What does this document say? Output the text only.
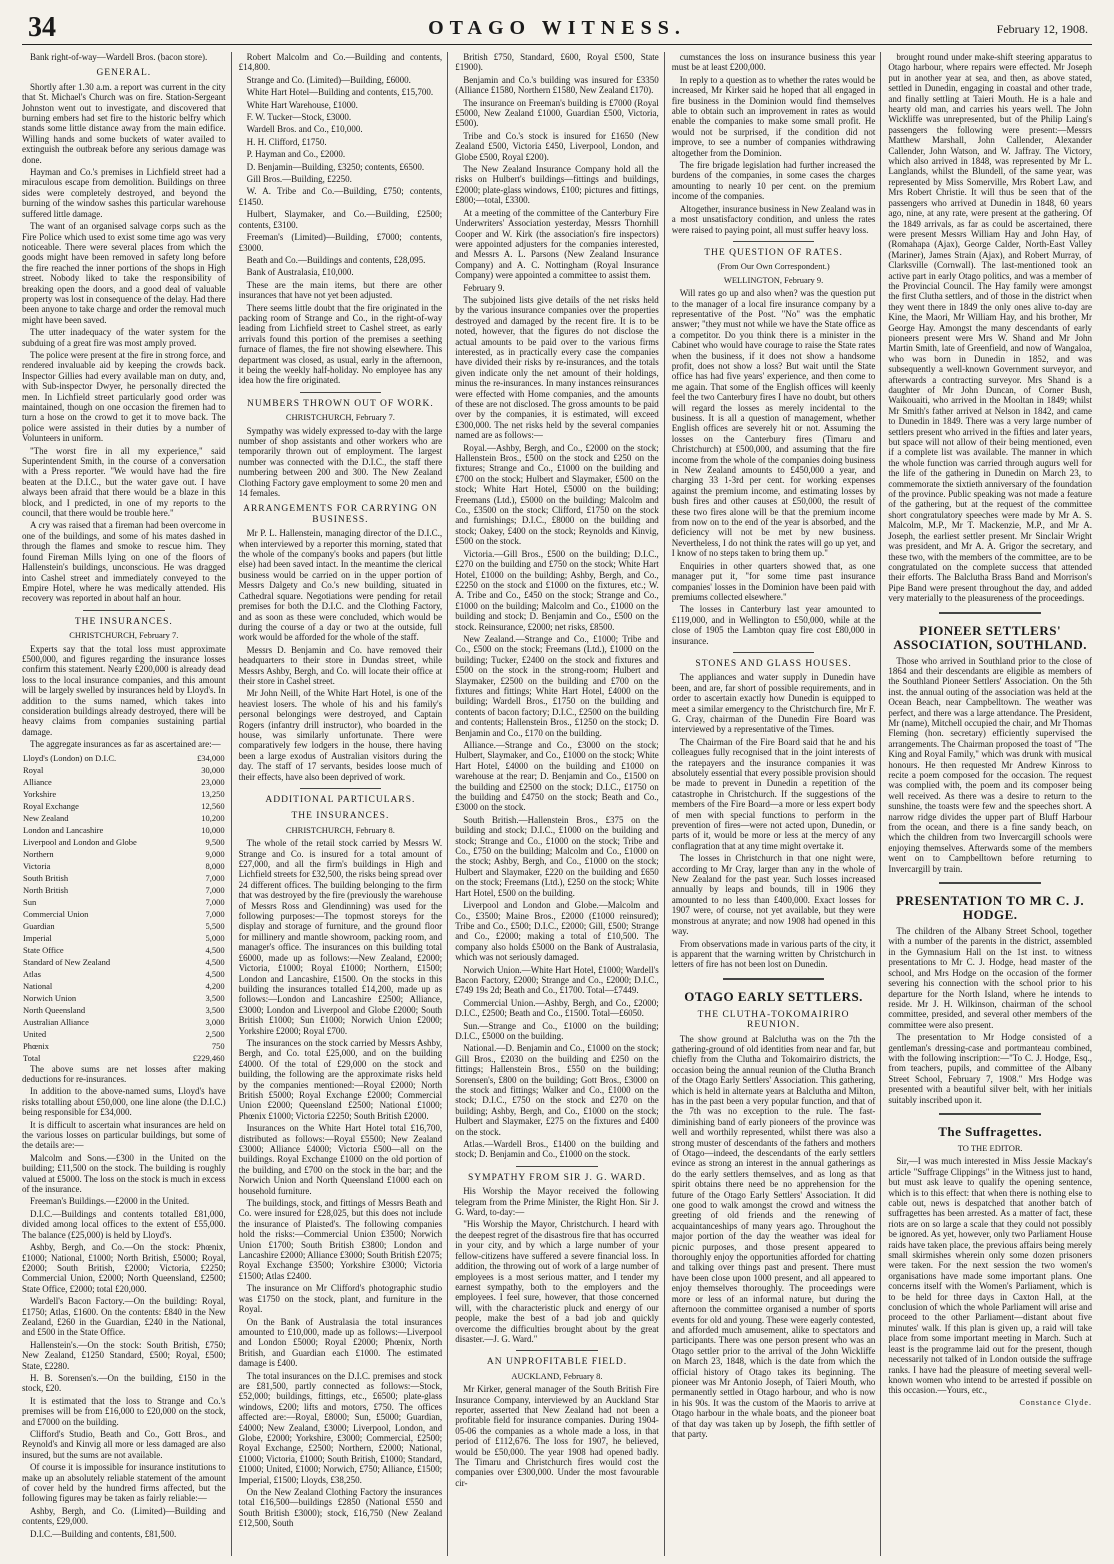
34	OTAGO WITNESS.	February 12, 1908.

Bank right-of-way—Wardell Bros. (bacon store).

GENERAL.

Shortly after 1.30 a.m. a report was current in the city that St. Michael's Church was on fire. Station-Sergeant Johnston went out to investigate, and discovered that burning embers had set fire to the historic belfry which stands some little distance away from the main edifice. Willing hands and some buckets of water availed to extinguish the outbreak before any serious damage was done.

Hayman and Co.'s premises in Lichfield street had a miraculous escape from demolition. Buildings on three sides were completely destroyed, and beyond the burning of the window sashes this particular warehouse suffered little damage.

The want of an organised salvage corps such as the Fire Police which used to exist some time ago was very noticeable. There were several places from which the goods might have been removed in safety long before the fire reached the inner portions of the shops in High street. Nobody liked to take the responsibility of breaking open the doors, and a good deal of valuable property was lost in consequence of the delay. Had there been anyone to take charge and order the removal much might have been saved.

The utter inadequacy of the water system for the subduing of a great fire was most amply proved.

The police were present at the fire in strong force, and rendered invaluable aid by keeping the crowds back. Inspector Gillies had every available man on duty, and, with Sub-inspector Dwyer, he personally directed the men. In Lichfield street particularly good order was maintained, though on one occasion the firemen had to turn a hose on the crowd to get it to move back. The police were assisted in their duties by a number of Volunteers in uniform.

"The worst fire in all my experience," said Superintendent Smith, in the course of a conversation with a Press reporter. "We would have had the fire beaten at the D.I.C., but the water gave out. I have always been afraid that there would be a blaze in this block, and I predicted, in one of my reports to the council, that there would be trouble here."

A cry was raised that a fireman had been overcome in one of the buildings, and some of his mates dashed in through the flames and smoke to rescue him. They found Fireman Mills lying on one of the floors of Hallenstein's buildings, unconscious. He was dragged into Cashel street and immediately conveyed to the Empire Hotel, where he was medically attended. His recovery was reported in about half an hour.

THE INSURANCES.
CHRISTCHURCH, February 7.

Experts say that the total loss must approximate £500,000, and figures regarding the insurance losses confirm this statement. Nearly £200,000 is already dead loss to the local insurance companies, and this amount will be largely swelled by insurances held by Lloyd's. In addition to the sums named, which takes into consideration buildings already destroyed, there will be heavy claims from companies sustaining partial damage.

The aggregate insurances as far as ascertained are:—

Lloyd's (London) on D.I.C.	£34,000
Royal	30,000
Alliance	23,000
Yorkshire	13,250
Royal Exchange	12,560
New Zealand	10,200
London and Lancashire	10,000
Liverpool and London and Globe	9,500
Northern	9,000
Victoria	8,000
South British	7,000
North British	7,000
Sun	7,000
Commercial Union	7,000
Guardian	5,500
Imperial	5,000
State Office	4,500
Standard of New Zealand	4,500
Atlas	4,500
National	4,200
Norwich Union	3,500
North Queensland	3,500
Australian Alliance	3,000
United	2,500
Phœnix	750
Total	£229,460

The above sums are net losses after making deductions for re-insurances.

In addition to the above-named sums, Lloyd's have risks totalling about £50,000, one line alone (the D.I.C.) being responsible for £34,000.

It is difficult to ascertain what insurances are held on the various losses on particular buildings, but some of the details are:—

Malcolm and Sons.—£300 in the United on the building; £11,500 on the stock. The building is roughly valued at £5000. The loss on the stock is much in excess of the insurance.

Freeman's Buildings.—£2000 in the United.

D.I.C.—Buildings and contents totalled £81,000, divided among local offices to the extent of £55,000. The balance (£25,000) is held by Lloyd's.

Ashby, Bergh, and Co.—On the stock: Phœnix, £1000; National, £1000; North British, £5000; Royal, £2000; South British, £2000; Victoria, £2250; Commercial Union, £2000; North Queensland, £2500; State Office, £2000; total £20,000.

Wardell's Bacon Factory.—On the building: Royal, £1750; Atlas, £1600. On the contents: £840 in the New Zealand, £260 in the Guardian, £240 in the National, and £500 in the State Office.

Hallenstein's.—On the stock: South British, £750; New Zealand, £1250 Standard, £500; Royal, £500; State, £2280.

H. B. Sorensen's.—On the building, £150 in the stock, £20.

It is estimated that the loss to Strange and Co.'s premises will be from £16,000 to £20,000 on the stock, and £7000 on the building.

Clifford's Studio, Beath and Co., Gott Bros., and Reynold's and Kinvig all more or less damaged are also insured, but the sums are not available.

Of course it is impossible for insurance institutions to make up an absolutely reliable statement of the amount of cover held by the hundred firms affected, but the following figures may be taken as fairly reliable:—

Ashby, Bergh, and Co. (Limited)—Building and contents, £29,000.

D.I.C.—Building and contents, £81,500.

Robert Malcolm and Co.—Building and contents, £14,800.

Strange and Co. (Limited)—Building, £6000.

White Hart Hotel—Building and contents, £15,700.

White Hart Warehouse, £1000.

F. W. Tucker—Stock, £3000.

Wardell Bros. and Co., £10,000.

H. H. Clifford, £1750.

P. Hayman and Co., £2000.

D. Benjamin—Building, £3250; contents, £6500.

Gill Bros.—Building, £2250.

W. A. Tribe and Co.—Building, £750; contents, £1450.

Hulbert, Slaymaker, and Co.—Building, £2500; contents, £3100.

Freeman's (Limited)—Building, £7000; contents, £3000.

Beath and Co.—Buildings and contents, £28,095.

Bank of Australasia, £10,000.

These are the main items, but there are other insurances that have not yet been adjusted.

There seems little doubt that the fire originated in the packing room of Strange and Co., in the right-of-way leading from Lichfield street to Cashel street, as early arrivals found this portion of the premises a seething furnace of flames, the fire not showing elsewhere. This department was closed, as usual, early in the afternoon, it being the weekly half-holiday. No employee has any idea how the fire originated.

NUMBERS THROWN OUT OF WORK.
CHRISTCHURCH, February 7.

Sympathy was widely expressed to-day with the large number of shop assistants and other workers who are temporarily thrown out of employment. The largest number was connected with the D.I.C., the staff there numbering between 200 and 300. The New Zealand Clothing Factory gave employment to some 20 men and 14 females.

ARRANGEMENTS FOR CARRYING ON BUSINESS.

Mr P. L. Hallenstein, managing director of the D.I.C., when interviewed by a reporter this morning, stated that the whole of the company's books and papers (but little else) had been saved intact. In the meantime the clerical business would be carried on in the upper portion of Messrs Dalgety and Co.'s new building, situated in Cathedral square. Negotiations were pending for retail premises for both the D.I.C. and the Clothing Factory, and as soon as these were concluded, which would be during the course of a day or two at the outside, full work would be afforded for the whole of the staff.

Messrs D. Benjamin and Co. have removed their headquarters to their store in Dundas street, while Messrs Ashby, Bergh, and Co. will locate their office at their store in Cashel street.

Mr John Neill, of the White Hart Hotel, is one of the heaviest losers. The whole of his and his family's personal belongings were destroyed, and Captain Rogers (infantry drill instructor), who boarded in the house, was similarly unfortunate. There were comparatively few lodgers in the house, there having been a large exodus of Australian visitors during the day. The staff of 17 servants, besides loose much of their effects, have also been deprived of work.

ADDITIONAL PARTICULARS.
THE INSURANCES.
CHRISTCHURCH, February 8.

The whole of the retail stock carried by Messrs W. Strange and Co. is insured for a total amount of £27,000, and all the firm's buildings in High and Lichfield streets for £32,500, the risks being spread over 24 different offices. The building belonging to the firm that was destroyed by the fire (previously the warehouse of Messrs Ross and Glendinning) was used for the following purposes:—The topmost storeys for the display and storage of furniture, and the ground floor for millinery and mantle showroom, packing room, and manager's office. The insurances on this building total £6000, made up as follows:—New Zealand, £2000; Victoria, £1000; Royal £1000; Northern, £1500; London and Lancashire, £1500. On the stocks in this building the insurances totalled £14,200, made up as follows:—London and Lancashire £2500; Alliance, £3000; London and Liverpool and Globe £2000; South British £1000; Sun £1000; Norwich Union £2000; Yorkshire £2000; Royal £700.

The insurances on the stock carried by Messrs Ashby, Bergh, and Co. total £25,000, and on the building £4000. Of the total of £29,000 on the stock and building, the following are the approximate risks held by the companies mentioned:—Royal £2000; North British £5000; Royal Exchange £2000; Commercial Union £2000; Queensland £2500; National £1000; Phœnix £1000; Victoria £2250; South British £2000.

Insurances on the White Hart Hotel total £16,700, distributed as follows:—Royal £5500; New Zealand £3000; Alliance £4000; Victoria £500—all on the buildings. Royal Exchange £1000 on the old portion of the building, and £700 on the stock in the bar; and the Norwich Union and North Queensland £1000 each on household furniture.

The buildings, stock, and fittings of Messrs Beath and Co. were insured for £28,025, but this does not include the insurance of Plaisted's. The following companies hold the risks:—Commercial Union £3500; Norwich Union £1700; South British £3800; London and Lancashire £2000; Alliance £3000; South British £2075; Royal Exchange £3500; Yorkshire £3000; Victoria £1500; Atlas £2400.

The insurance on Mr Clifford's photographic studio was £1750 on the stock, plant, and furniture in the Royal.

On the Bank of Australasia the total insurances amounted to £10,000, made up as follows:—Liverpool and London £5000; Royal £2000; Phœnix, North British, and Guardian each £1000. The estimated damage is £400.

The total insurances on the D.I.C. premises and stock are £81,500, partly connected as follows:—Stock, £52,000; buildings, fittings, etc., £6500; plate-glass windows, £200; lifts and motors, £750. The offices affected are:—Royal, £8000; Sun, £5000; Guardian, £4000; New Zealand, £3000; Liverpool, London, and Globe, £2000; Yorkshire, £3000; Commercial, £2500; Royal Exchange, £2500; Northern, £2000; National, £1000; Victoria, £1000; South British, £1000; Standard, £1000; United, £1000; Norwich, £750; Alliance, £1500; Imperial, £1500; Lloyds, £38,250.

On the New Zealand Clothing Factory the insurances total £16,500—buildings £2850 (National £550 and South British £3000); stock, £16,750 (New Zealand £12,500, South

British £750, Standard, £600, Royal £500, State £1900).

Benjamin and Co.'s building was insured for £3350 (Alliance £1580, Northern £1580, New Zealand £170).

The insurance on Freeman's building is £7000 (Royal £5000, New Zealand £1000, Guardian £500, Victoria, £500).

Tribe and Co.'s stock is insured for £1650 (New Zealand £500, Victoria £450, Liverpool, London, and Globe £500, Royal £200).

The New Zealand Insurance Company hold all the risks on Hulbert's buildings—fittings and buildings, £2000; plate-glass windows, £100; pictures and fittings, £800;—total, £3300.

At a meeting of the committee of the Canterbury Fire Underwriters' Association yesterday, Messrs Thornhill Cooper and W. Kirk (the association's fire inspectors) were appointed adjusters for the companies interested, and Messrs A. L. Parsons (New Zealand Insurance Company) and A. C. Nottingham (Royal Insurance Company) were appointed a committee to assist them.

February 9.

The subjoined lists give details of the net risks held by the various insurance companies over the properties destroyed and damaged by the recent fire. It is to be noted, however, that the figures do not disclose the actual amounts to be paid over to the various firms interested, as in practically every case the companies have divided their risks by re-insurances, and the totals given indicate only the net amount of their holdings, minus the re-insurances. In many instances reinsurances were effected with Home companies, and the amounts of these are not disclosed. The gross amounts to be paid over by the companies, it is estimated, will exceed £300,000. The net risks held by the several companies named are as follows:—

Royal.—Ashby, Bergh, and Co., £2000 on the stock; Hallenstein Bros., £500 on the stock and £250 on the fixtures; Strange and Co., £1000 on the building and £700 on the stock; Hulbert and Slaymaker, £500 on the stock; White Hart Hotel, £5000 on the building; Freemans (Ltd.), £5000 on the building; Malcolm and Co., £3500 on the stock; Clifford, £1750 on the stock and furnishings; D.I.C., £8000 on the building and stock; Oakey, £400 on the stock; Reynolds and Kinvig, £500 on the stock.

Victoria.—Gill Bros., £500 on the building; D.I.C., £270 on the building and £750 on the stock; White Hart Hotel, £1000 on the building; Ashby, Bergh, and Co., £2250 on the stock and £1000 on the fixtures, etc.; W. A. Tribe and Co., £450 on the stock; Strange and Co., £1000 on the building; Malcolm and Co., £1000 on the building and stock; D. Benjamin and Co., £500 on the stock. Reinsurance, £2000; net risks, £8500.

New Zealand.—Strange and Co., £1000; Tribe and Co., £500 on the stock; Freemans (Ltd.), £1000 on the building; Tucker, £2400 on the stock and fixtures and £500 on the stock in the strong-room; Hulbert and Slaymaker, £2500 on the building and £700 on the fixtures and fittings; White Hart Hotel, £4000 on the building; Wardell Bros., £1750 on the building and contents of bacon factory; D.I.C., £2500 on the building and contents; Hallenstein Bros., £1250 on the stock; D. Benjamin and Co., £170 on the building.

Alliance.—Strange and Co., £3000 on the stock; Hulbert, Slaymaker, and Co., £1000 on the stock; White Hart Hotel, £4000 on the building and £1000 on warehouse at the rear; D. Benjamin and Co., £1500 on the building and £2500 on the stock; D.I.C., £1750 on the building and £4750 on the stock; Beath and Co., £3000 on the stock.

South British.—Hallenstein Bros., £375 on the building and stock; D.I.C., £1000 on the building and stock; Strange and Co., £1000 on the stock; Tribe and Co., £750 on the building; Malcolm and Co., £1000 on the stock; Ashby, Bergh, and Co., £1000 on the stock; Hulbert and Slaymaker, £220 on the building and £650 on the stock; Freemans (Ltd.), £250 on the stock; White Hart Hotel, £500 on the building.

Liverpool and London and Globe.—Malcolm and Co., £3500; Maine Bros., £2000 (£1000 reinsured); Tribe and Co., £500; D.I.C., £2000; Gill, £500; Strange and Co., £2000; making a total of £10,500. The company also holds £5000 on the Bank of Australasia, which was not seriously damaged.

Norwich Union.—White Hart Hotel, £1000; Wardell's Bacon Factory, £2000; Strange and Co., £2000; D.I.C., £749 19s 2d; Beath and Co., £1700. Total—£7449.

Commercial Union.—Ashby, Bergh, and Co., £2000; D.I.C., £2500; Beath and Co., £1500. Total—£6050.

Sun.—Strange and Co., £1000 on the building; D.I.C., £5000 on the building.

National.—D. Benjamin and Co., £1000 on the stock; Gill Bros., £2030 on the building and £250 on the fittings; Hallenstein Bros., £550 on the building; Sorensen's, £800 on the building; Gott Bros., £3000 on the stock and fittings; Walker and Co., £1000 on the stock; D.I.C., £750 on the stock and £270 on the building; Ashby, Bergh, and Co., £1000 on the stock; Hulbert and Slaymaker, £275 on the fixtures and £400 on the stock.

Atlas.—Wardell Bros., £1400 on the building and stock; D. Benjamin and Co., £1000 on the stock.

SYMPATHY FROM SIR J. G. WARD.

His Worship the Mayor received the following telegram from the Prime Minister, the Right Hon. Sir J. G. Ward, to-day:—

"His Worship the Mayor, Christchurch. I heard with the deepest regret of the disastrous fire that has occurred in your city, and by which a large number of your fellow-citizens have suffered a severe financial loss. In addition, the throwing out of work of a large number of employees is a most serious matter, and I tender my earnest sympathy, both to the employers and the employees. I feel sure, however, that those concerned will, with the characteristic pluck and energy of our people, make the best of a bad job and quickly overcome the difficulties brought about by the great disaster.—J. G. Ward."

AN UNPROFITABLE FIELD.
AUCKLAND, February 8.

Mr Kirker, general manager of the South British Fire Insurance Company, interviewed by an Auckland Star reporter, asserted that New Zealand had not been a profitable field for insurance companies. During 1904-05-06 the companies as a whole made a loss, in that period of £112,676. The loss for 1907, he believed, would be £50,000. The year 1908 had opened badly. The Timaru and Christchurch fires would cost the companies over £300,000. Under the most favourable cir-

cumstances the loss on insurance business this year must be at least £200,000.

In reply to a question as to whether the rates would be increased, Mr Kirker said he hoped that all engaged in fire business in the Dominion would find themselves able to obtain such an improvement in rates as would enable the companies to make some small profit. He would not be surprised, if the condition did not improve, to see a number of companies withdrawing altogether from the Dominion.

The fire brigade legislation had further increased the burdens of the companies, in some cases the charges amounting to nearly 10 per cent. on the premium income of the companies.

Altogether, insurance business in New Zealand was in a most unsatisfactory condition, and unless the rates were raised to paying point, all must suffer heavy loss.

THE QUESTION OF RATES.
(From Our Own Correspondent.)
WELLINGTON, February 9.

Will rates go up and also when? was the question put to the manager of a local fire insurance company by a representative of the Post. "No" was the emphatic answer; "they must not while we have the State office as a competitor. Do you think there is a minister in the Cabinet who would have courage to raise the State rates when the business, if it does not show a handsome profit, does not show a loss? But wait until the State office has had five years' experience, and then come to me again. That some of the English offices will keenly feel the two Canterbury fires I have no doubt, but others will regard the losses as merely incidental to the business. It is all a question of management, whether English offices are severely hit or not. Assuming the losses on the Canterbury fires (Timaru and Christchurch) at £500,000, and assuming that the fire income from the whole of the companies doing business in New Zealand amounts to £450,000 a year, and charging 33 1-3rd per cent. for working expenses against the premium income, and estimating losses by bush fires and other causes at £50,000, the result of these two fires alone will be that the premium income from now on to the end of the year is absorbed, and the deficiency will not be met by new business. Nevertheless, I do not think the rates will go up yet, and I know of no steps taken to bring them up."

Enquiries in other quarters showed that, as one manager put it, "for some time past insurance companies' losses in the Dominion have been paid with premiums collected elsewhere."

The losses in Canterbury last year amounted to £119,000, and in Wellington to £50,000, while at the close of 1905 the Lambton quay fire cost £80,000 in insurance.

STONES AND GLASS HOUSES.

The appliances and water supply in Dunedin have been, and are, far short of possible requirements, and in order to ascertain exactly how Dunedin is equipped to meet a similar emergency to the Christchurch fire, Mr F. G. Cray, chairman of the Dunedin Fire Board was interviewed by a representative of the Times.

The Chairman of the Fire Board said that he and his colleagues fully recognised that in the joint interests of the ratepayers and the insurance companies it was absolutely essential that every possible provision should be made to prevent in Dunedin a repetition of the catastrophe in Christchurch. If the suggestions of the members of the Fire Board—a more or less expert body of men with special functions to perform in the prevention of fires—were not acted upon, Dunedin, or parts of it, would be more or less at the mercy of any conflagration that at any time might overtake it.

The losses in Christchurch in that one night were, according to Mr Cray, larger than any in the whole of New Zealand for the past year. Such losses increased annually by leaps and bounds, till in 1906 they amounted to no less than £400,000. Exact losses for 1907 were, of course, not yet available, but they were monstrous at anyrate; and now 1908 had opened in this way.

From observations made in various parts of the city, it is apparent that the warning written by Christchurch in letters of fire has not been lost on Dunedin.

OTAGO EARLY SETTLERS.
THE CLUTHA-TOKOMAIRIRO REUNION.

The show ground at Balclutha was on the 7th the gathering-ground of old identities from near and far, but chiefly from the Clutha and Tokomairiro districts, the occasion being the annual reunion of the Clutha Branch of the Otago Early Settlers' Association. This gathering, which is held in alternate years at Balclutha and Milton, has in the past been a very popular function, and that of the 7th was no exception to the rule. The fast-diminishing band of early pioneers of the province was well and worthily represented, whilst there was also a strong muster of descendants of the fathers and mothers of Otago—indeed, the descendants of the early settlers evince as strong an interest in the annual gatherings as do the early settlers themselves, and as long as that spirit obtains there need be no apprehension for the future of the Otago Early Settlers' Association. It did one good to walk amongst the crowd and witness the greeting of old friends and the renewing of acquaintanceships of many years ago. Throughout the major portion of the day the weather was ideal for picnic purposes, and those present appeared to thoroughly enjoy the opportunities afforded for chatting and talking over things past and present. There must have been close upon 1000 present, and all appeared to enjoy themselves thoroughly. The proceedings were more or less of an informal nature, but during the afternoon the committee organised a number of sports events for old and young. These were eagerly contested, and afforded much amusement, alike to spectators and participants. There was one person present who was an Otago settler prior to the arrival of the John Wickliffe on March 23, 1848, which is the date from which the official history of Otago takes its beginning. The pioneer was Mr Antonio Joseph, of Taieri Mouth, who permanently settled in Otago harbour, and who is now in his 90s. It was the custom of the Maoris to arrive at Otago harbour in the whale boats, and the pioneer boat of that day was taken up by Joseph, the fifth settler of that party.

brought round under make-shift steering apparatus to Otago harbour, where repairs were effected. Mr Joseph put in another year at sea, and then, as above stated, settled in Dunedin, engaging in coastal and other trade, and finally settling at Taieri Mouth. He is a hale and hearty old man, and carries his years well. The John Wickliffe was unrepresented, but of the Philip Laing's passengers the following were present:—Messrs Matthew Marshall, John Callender, Alexander Callender, John Watson, and W. Jaffray. The Victory, which also arrived in 1848, was represented by Mr L. Langlands, whilst the Blundell, of the same year, was represented by Miss Somerville, Mrs Robert Law, and Mrs Robert Christie. It will thus be seen that of the passengers who arrived at Dunedin in 1848, 60 years ago, nine, at any rate, were present at the gathering. Of the 1849 arrivals, as far as could be ascertained, there were present Messrs William Hay and John Hay, of (Romahapa (Ajax), George Calder, North-East Valley (Mariner), James Strain (Ajax), and Robert Murray, of Clarksville (Cornwall). The last-mentioned took an active part in early Otago politics, and was a member of the Provincial Council. The Hay family were amongst the first Clutha settlers, and of those in the district when they went there in 1849 the only ones alive to-day are Kine, the Maori, Mr William Hay, and his brother, Mr George Hay. Amongst the many descendants of early pioneers present were Mrs W. Shand and Mr John Martin Smith, late of Greenfield, and now of Wangaloa, who was born in Dunedin in 1852, and was subsequently a well-known Government surveyor, and afterwards a contracting surveyor. Mrs Shand is a daughter of Mr John Duncan, of Corner Bush, Waikouaiti, who arrived in the Mooltan in 1849; whilst Mr Smith's father arrived at Nelson in 1842, and came to Dunedin in 1849. There was a very large number of settlers present who arrived in the fifties and later years, but space will not allow of their being mentioned, even if a complete list was available. The manner in which the whole function was carried through augurs well for the life of the gathering in Dunedin on March 23, to commemorate the sixtieth anniversary of the foundation of the province. Public speaking was not made a feature of the gathering, but at the request of the committee short congratulatory speeches were made by Mr A. S. Malcolm, M.P., Mr T. Mackenzie, M.P., and Mr A. Joseph, the earliest settler present. Mr Sinclair Wright was president, and Mr A. A. Grigor the secretary, and these two, with the members of the committee, are to be congratulated on the complete success that attended their efforts. The Balclutha Brass Band and Morrison's Pipe Band were present throughout the day, and added very materially to the pleasureness of the proceedings.

PIONEER SETTLERS' ASSOCIATION, SOUTHLAND.

Those who arrived in Southland prior to the close of 1864 and their descendants are eligible as members of the Southland Pioneer Settlers' Association. On the 5th inst. the annual outing of the association was held at the Ocean Beach, near Campbelltown. The weather was perfect, and there was a large attendance. The President, Mr (name), Mitchell occupied the chair, and Mr Thomas Fleming (hon. secretary) efficiently supervised the arrangements. The Chairman proposed the toast of "The King and Royal Family," which was drunk with musical honours. He then requested Mr Andrew Kinross to recite a poem composed for the occasion. The request was complied with, the poem and its composer being well received. As there was a desire to return to the sunshine, the toasts were few and the speeches short. A narrow ridge divides the upper part of Bluff Harbour from the ocean, and there is a fine sandy beach, on which the children from two Invercargill schools were enjoying themselves. Afterwards some of the members went on to Campbelltown before returning to Invercargill by train.

PRESENTATION TO MR C. J. HODGE.

The children of the Albany Street School, together with a number of the parents in the district, assembled in the Gymnasium Hall on the 1st inst. to witness presentations to Mr C. J. Hodge, head master of the school, and Mrs Hodge on the occasion of the former severing his connection with the school prior to his departure for the North Island, where he intends to reside. Mr J. H. Wilkinson, chairman of the school committee, presided, and several other members of the committee were also present.

The presentation to Mr Hodge consisted of a gentleman's dressing-case and portmanteau combined, with the following inscription:—"To C. J. Hodge, Esq., from teachers, pupils, and committee of the Albany Street School, February 7, 1908." Mrs Hodge was presented with a beautiful silver belt, with her initials suitably inscribed upon it.

The Suffragettes.
TO THE EDITOR.

Sir,—I was much interested in Miss Jessie Mackay's article "Suffrage Clippings" in the Witness just to hand, but must ask leave to qualify the opening sentence, which is to this effect: that when there is nothing else to cable out, news is despatched that another batch of suffragettes has been arrested. As a matter of fact, these riots are on so large a scale that they could not possibly be ignored. As yet, however, only two Parliament House raids have taken place, the previous affairs being merely small skirmishes wherein only some dozen prisoners were taken. For the next session the two women's organisations have made some important plans. One concerns itself with the Women's Parliament, which is to be held for three days in Caxton Hall, at the conclusion of which the whole Parliament will arise and proceed to the other Parliament—distant about five minutes' walk. If this plan is given up, a raid will take place from some important meeting in March. Such at least is the programme laid out for the present, though necessarily not talked of in London outside the suffrage ranks. I have had the pleasure of meeting several well-known women who intend to be arrested if possible on this occasion.—Yours, etc.,

Constance Clyde.
